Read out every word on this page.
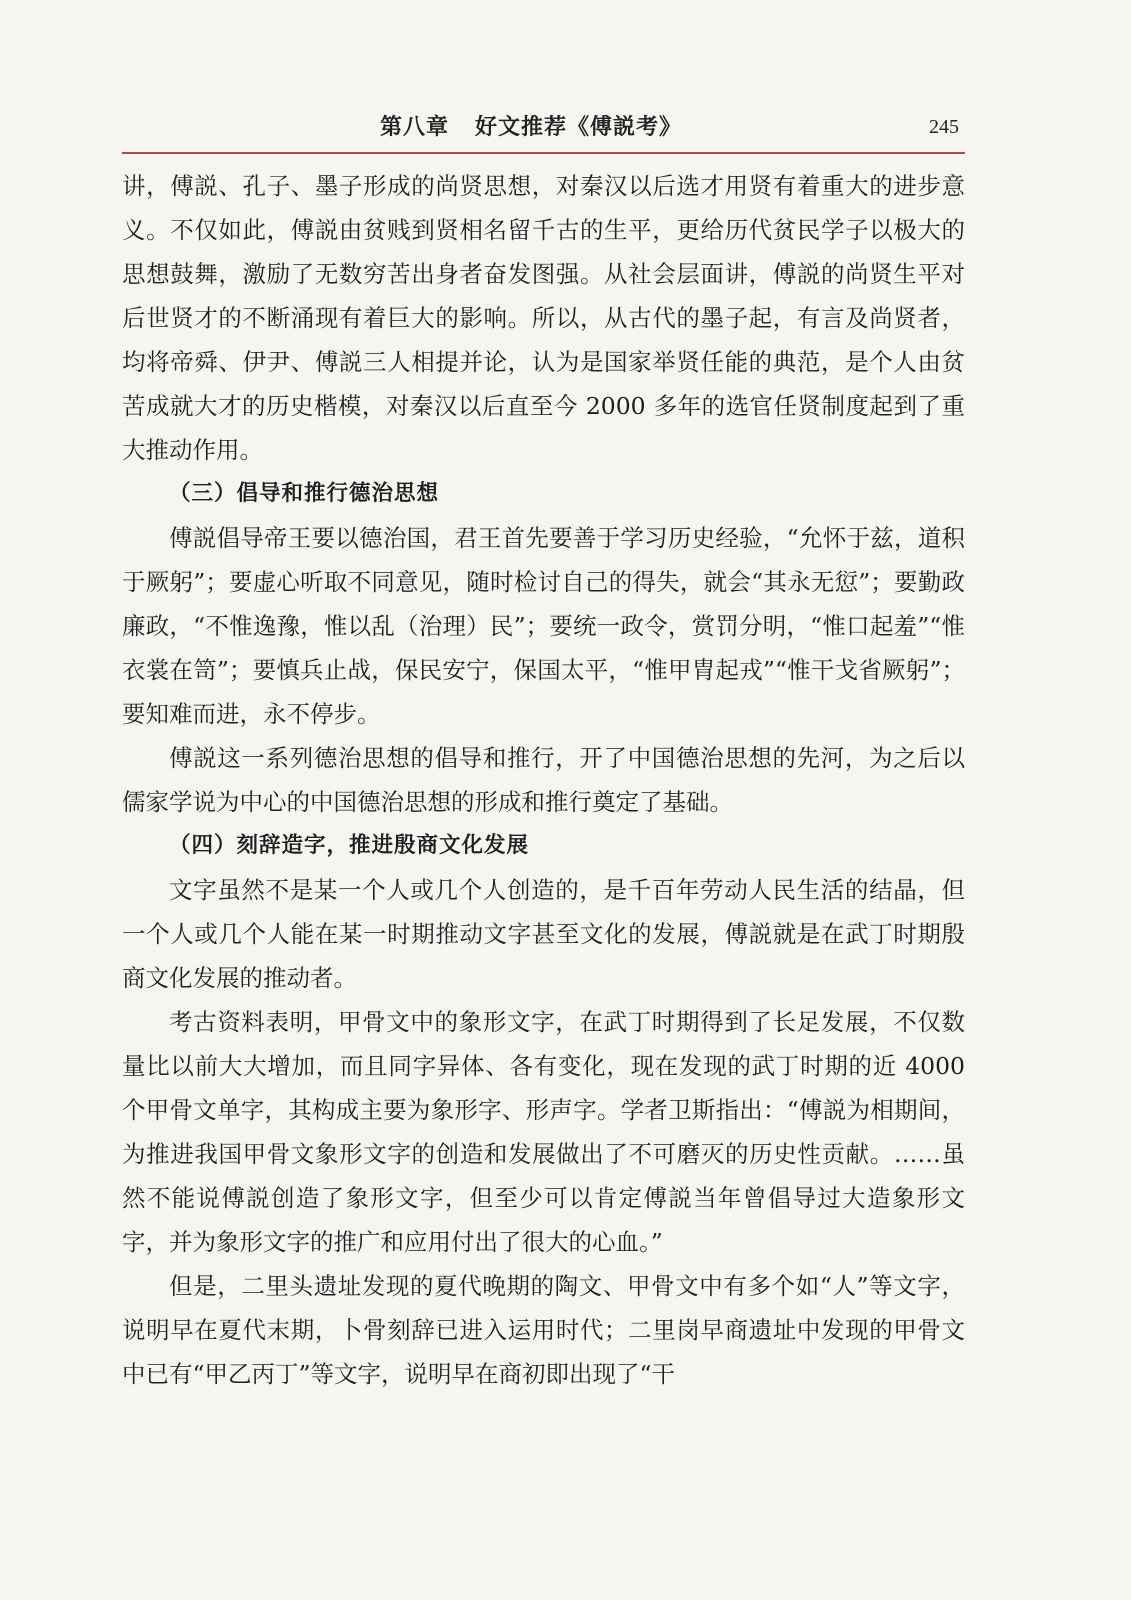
第八章 好文推荐《傅説考》	245

讲，傅説、孔子、墨子形成的尚贤思想，对秦汉以后选才用贤有着重大的进步意义。不仅如此，傅説由贫贱到贤相名留千古的生平，更给历代贫民学子以极大的思想鼓舞，激励了无数穷苦出身者奋发图强。从社会层面讲，傅説的尚贤生平对后世贤才的不断涌现有着巨大的影响。所以，从古代的墨子起，有言及尚贤者，均将帝舜、伊尹、傅説三人相提并论，认为是国家举贤任能的典范，是个人由贫苦成就大才的历史楷模，对秦汉以后直至今 2000 多年的选官任贤制度起到了重大推动作用。

（三）倡导和推行德治思想

傅説倡导帝王要以德治国，君王首先要善于学习历史经验，“允怀于兹，道积于厥躬”；要虚心听取不同意见，随时检讨自己的得失，就会“其永无愆”；要勤政廉政，“不惟逸豫，惟以乱（治理）民”；要统一政令，赏罚分明，“惟口起羞”“惟衣裳在笥”；要慎兵止战，保民安宁，保国太平，“惟甲胄起戎”“惟干戈省厥躬”；要知难而进，永不停步。

傅説这一系列德治思想的倡导和推行，开了中国德治思想的先河，为之后以儒家学说为中心的中国德治思想的形成和推行奠定了基础。

（四）刻辞造字，推进殷商文化发展

文字虽然不是某一个人或几个人创造的，是千百年劳动人民生活的结晶，但一个人或几个人能在某一时期推动文字甚至文化的发展，傅説就是在武丁时期殷商文化发展的推动者。

考古资料表明，甲骨文中的象形文字，在武丁时期得到了长足发展，不仅数量比以前大大增加，而且同字异体、各有变化，现在发现的武丁时期的近 4000 个甲骨文单字，其构成主要为象形字、形声字。学者卫斯指出：“傅説为相期间，为推进我国甲骨文象形文字的创造和发展做出了不可磨灭的历史性贡献。……虽然不能说傅説创造了象形文字，但至少可以肯定傅説当年曾倡导过大造象形文字，并为象形文字的推广和应用付出了很大的心血。”

但是，二里头遗址发现的夏代晚期的陶文、甲骨文中有多个如“人”等文字，说明早在夏代末期，卜骨刻辞已进入运用时代；二里岗早商遗址中发现的甲骨文中已有“甲乙丙丁”等文字，说明早在商初即出现了“干
